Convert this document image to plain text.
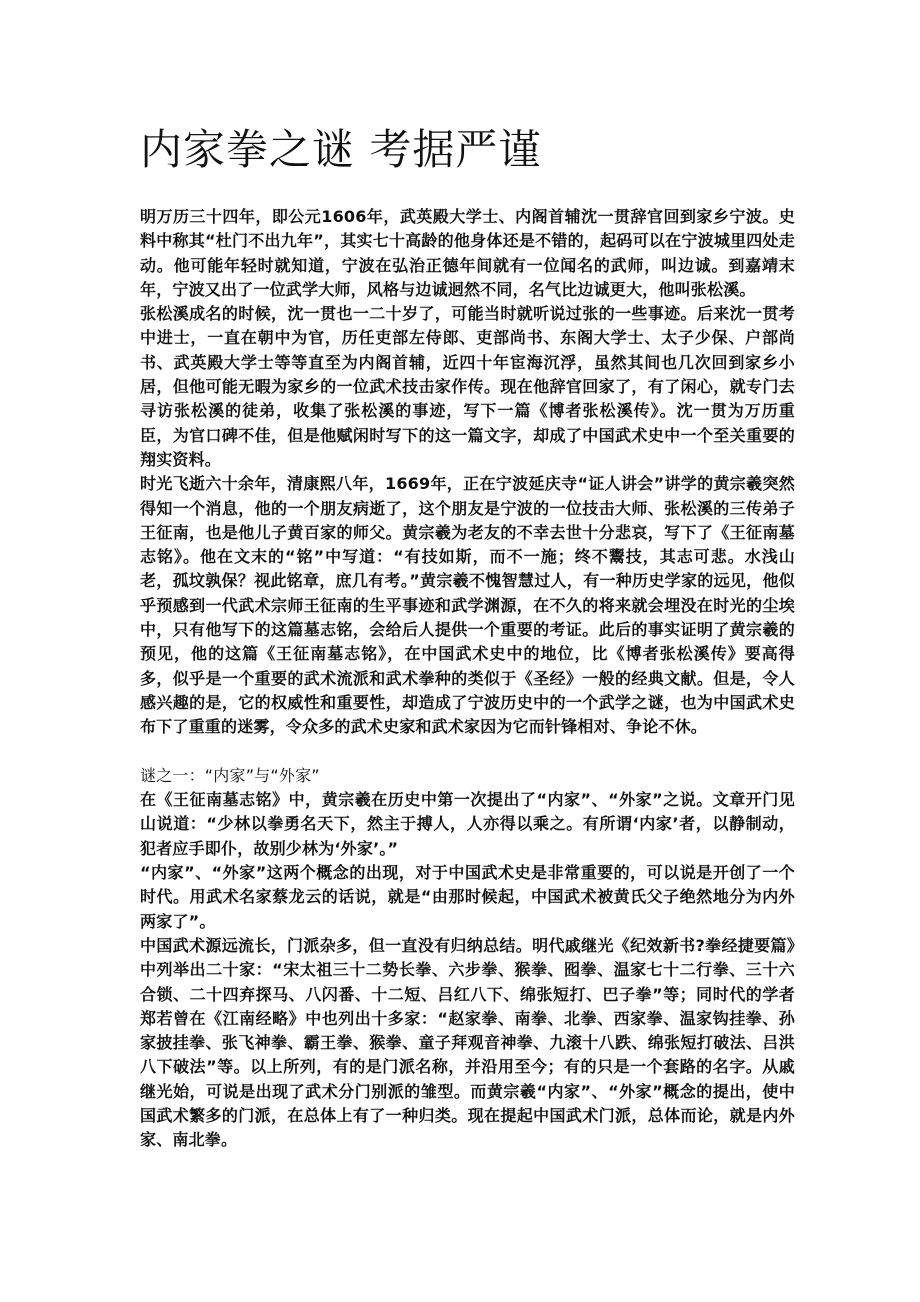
内家拳之谜 考据严谨

明万历三十四年，即公元1606年，武英殿大学士、内阁首辅沈一贯辞官回到家乡宁波。史料中称其“杜门不出九年”，其实七十高龄的他身体还是不错的，起码可以在宁波城里四处走动。他可能年轻时就知道，宁波在弘治正德年间就有一位闻名的武师，叫边诚。到嘉靖末年，宁波又出了一位武学大师，风格与边诚迥然不同，名气比边诚更大，他叫张松溪。

张松溪成名的时候，沈一贯也一二十岁了，可能当时就听说过张的一些事迹。后来沈一贯考中进士，一直在朝中为官，历任吏部左侍郎、吏部尚书、东阁大学士、太子少保、户部尚书、武英殿大学士等等直至为内阁首辅，近四十年宦海沉浮，虽然其间也几次回到家乡小居，但他可能无暇为家乡的一位武术技击家作传。现在他辞官回家了，有了闲心，就专门去寻访张松溪的徒弟，收集了张松溪的事迹，写下一篇《博者张松溪传》。沈一贯为万历重臣，为官口碑不佳，但是他赋闲时写下的这一篇文字，却成了中国武术史中一个至关重要的翔实资料。

时光飞逝六十余年，清康熙八年，1669年，正在宁波延庆寺“证人讲会”讲学的黄宗羲突然得知一个消息，他的一个朋友病逝了，这个朋友是宁波的一位技击大师、张松溪的三传弟子王征南，也是他儿子黄百家的师父。黄宗羲为老友的不幸去世十分悲哀，写下了《王征南墓志铭》。他在文末的“铭”中写道：“有技如斯，而不一施；终不鬻技，其志可悲。水浅山老，孤坟孰保？视此铭章，庶几有考。”黄宗羲不愧智慧过人，有一种历史学家的远见，他似乎预感到一代武术宗师王征南的生平事迹和武学渊源，在不久的将来就会埋没在时光的尘埃中，只有他写下的这篇墓志铭，会给后人提供一个重要的考证。此后的事实证明了黄宗羲的预见，他的这篇《王征南墓志铭》，在中国武术史中的地位，比《博者张松溪传》要高得多，似乎是一个重要的武术流派和武术拳种的类似于《圣经》一般的经典文献。但是，令人感兴趣的是，它的权威性和重要性，却造成了宁波历史中的一个武学之谜，也为中国武术史布下了重重的迷雾，令众多的武术史家和武术家因为它而针锋相对、争论不休。

谜之一：“内家”与“外家”

在《王征南墓志铭》中，黄宗羲在历史中第一次提出了“内家”、“外家”之说。文章开门见山说道：“少林以拳勇名天下，然主于搏人，人亦得以乘之。有所谓‘内家’者，以静制动，犯者应手即仆，故别少林为‘外家’。”

“内家”、“外家”这两个概念的出现，对于中国武术史是非常重要的，可以说是开创了一个时代。用武术名家蔡龙云的话说，就是“由那时候起，中国武术被黄氏父子绝然地分为内外两家了”。

中国武术源远流长，门派杂多，但一直没有归纳总结。明代戚继光《纪效新书?拳经捷要篇》中列举出二十家：“宋太祖三十二势长拳、六步拳、猴拳、囮拳、温家七十二行拳、三十六合锁、二十四弃探马、八闪番、十二短、吕红八下、绵张短打、巴子拳”等；同时代的学者郑若曾在《江南经略》中也列出十多家：“赵家拳、南拳、北拳、西家拳、温家钩挂拳、孙家披挂拳、张飞神拳、霸王拳、猴拳、童子拜观音神拳、九滚十八跌、绵张短打破法、吕洪八下破法”等。以上所列，有的是门派名称，并沿用至今；有的只是一个套路的名字。从戚继光始，可说是出现了武术分门别派的雏型。而黄宗羲“内家”、“外家”概念的提出，使中国武术繁多的门派，在总体上有了一种归类。现在提起中国武术门派，总体而论，就是内外家、南北拳。
